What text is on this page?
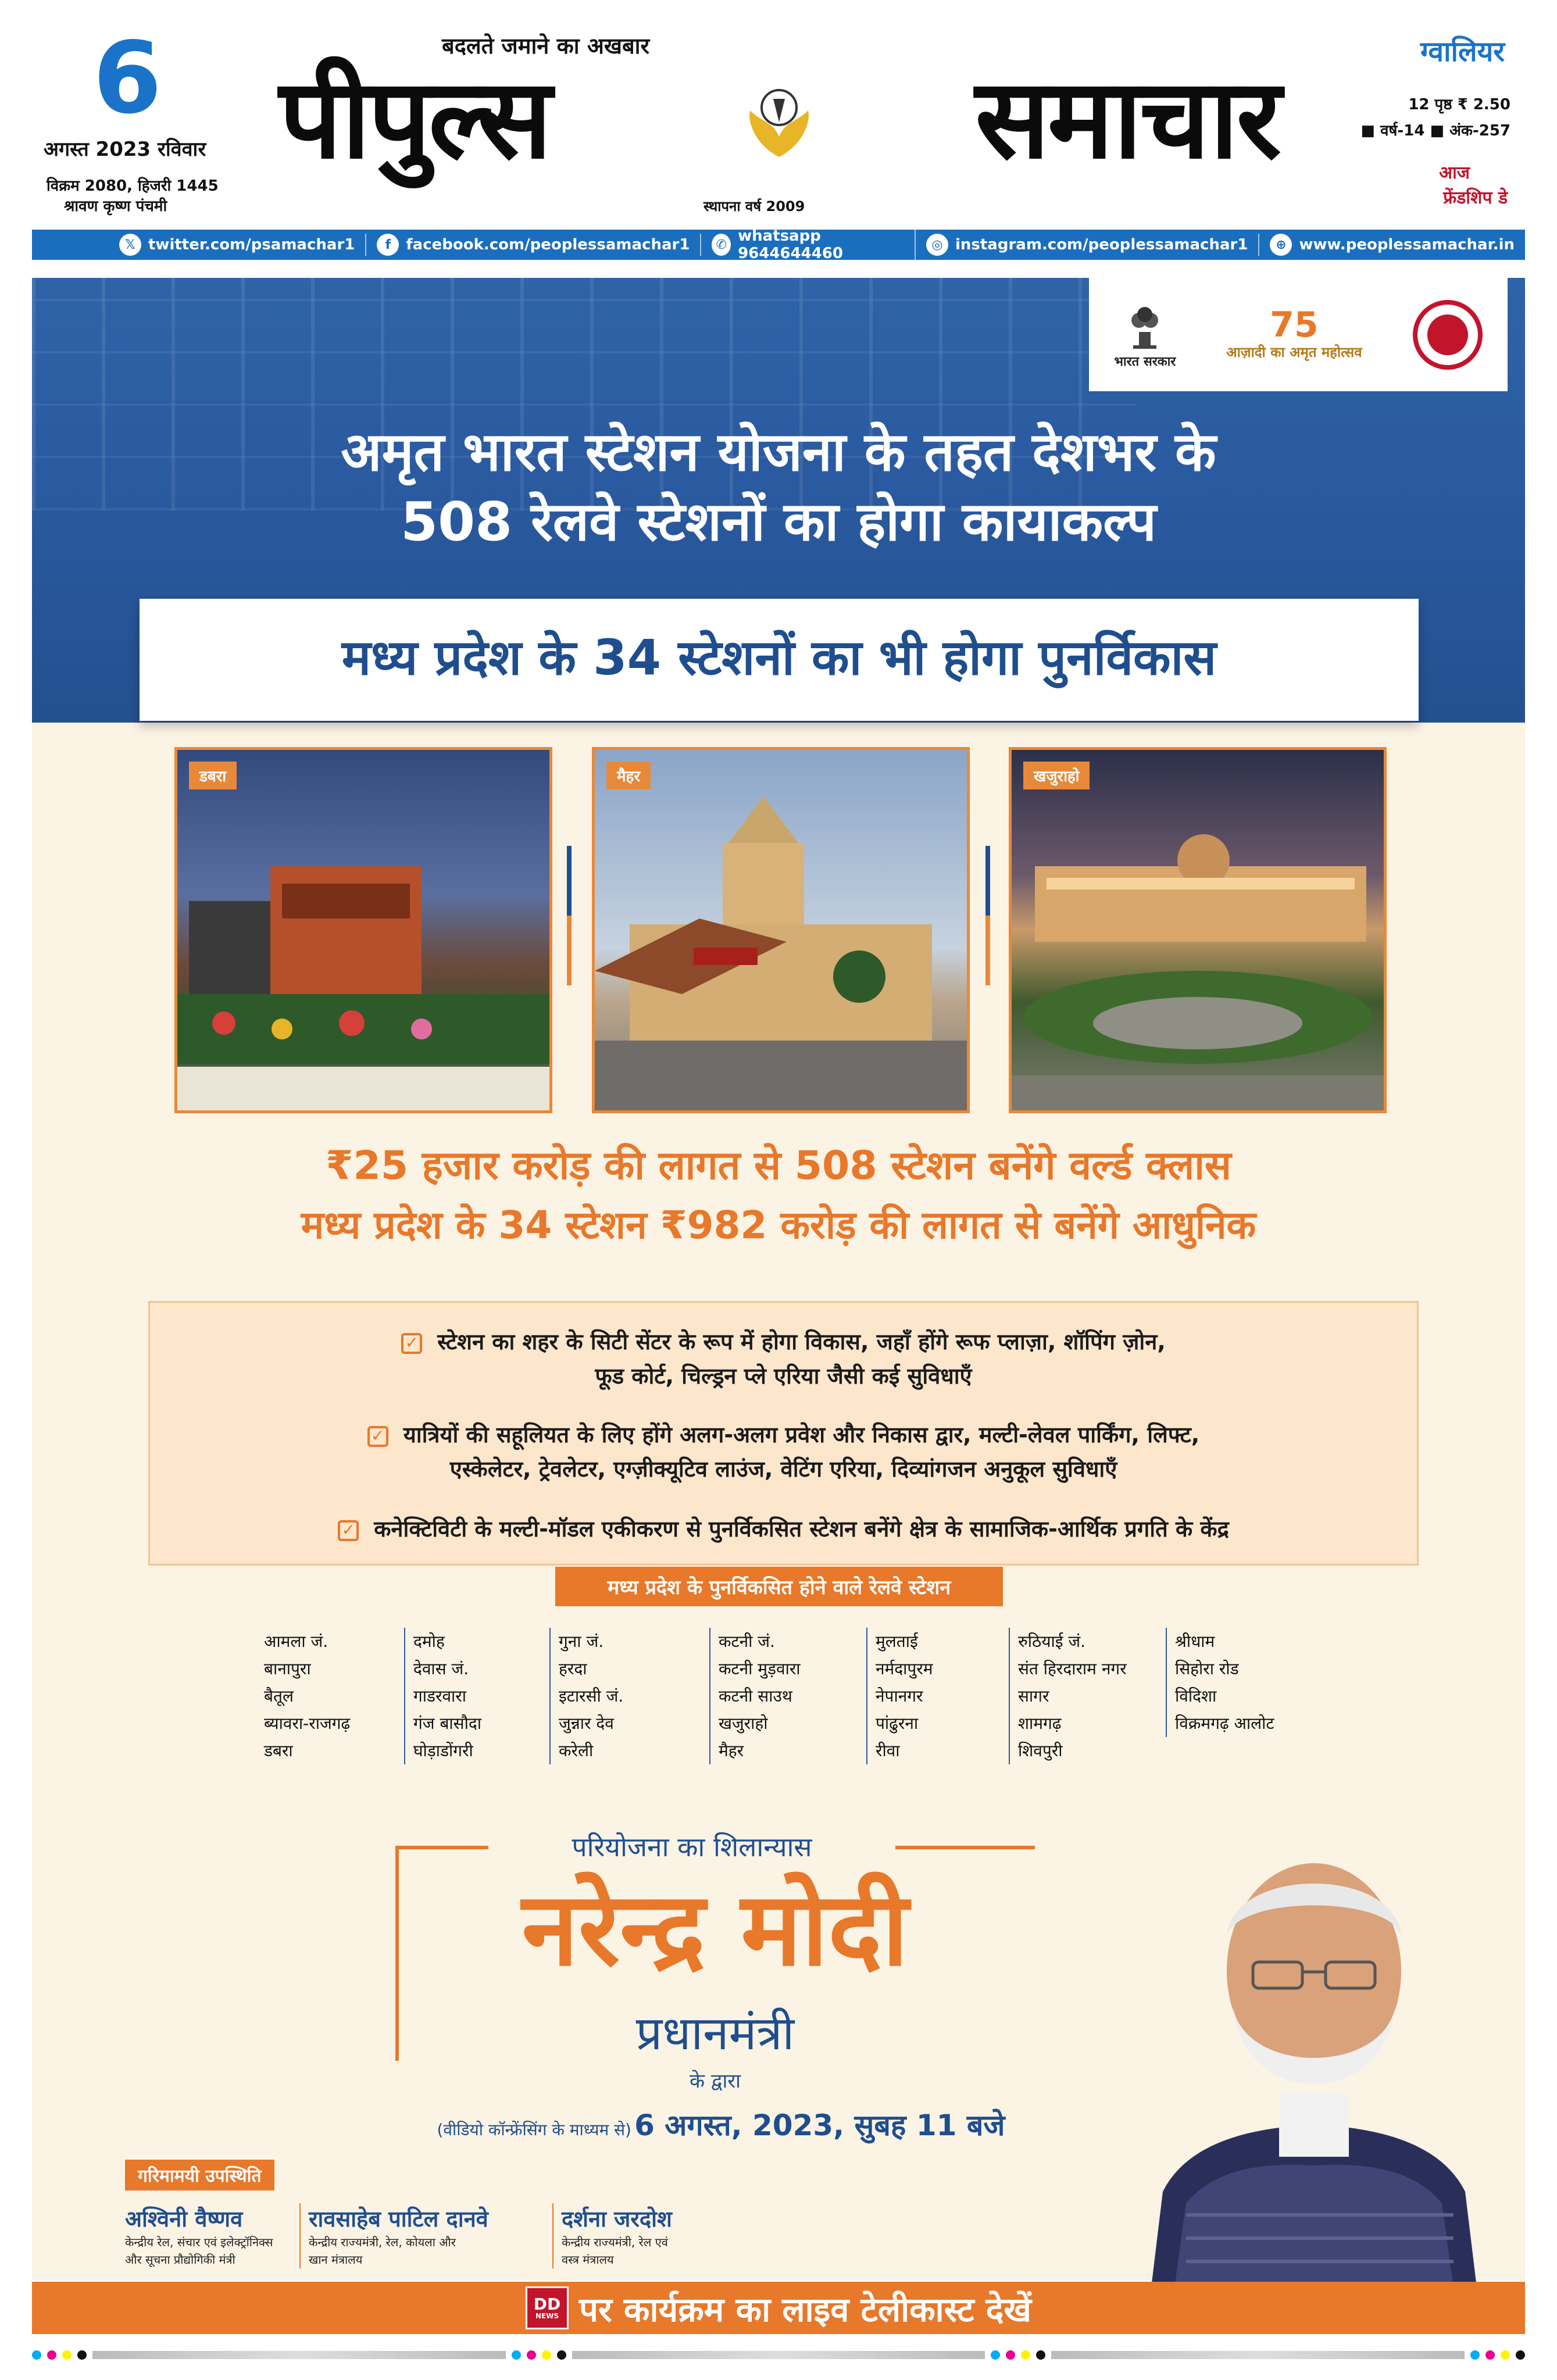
6
अगस्त 2023 रविवार
विक्रम 2080, हिजरी 1445
श्रावण कृष्ण पंचमी
बदलते जमाने का अखबार
पीपुल्स	समाचार
स्थापना वर्ष 2009
ग्वालियर
12 पृष्ठ ₹ 2.50
■ वर्ष-14 ■ अंक-257
आज
फ्रेंडशिप डे
𝕏 twitter.com/psamachar1	f	facebook.com/peoplessamachar1	✆ whatsapp 9644644460	◎ instagram.com/peoplessamachar1	⊕ www.peoplessamachar.in
भारत सरकार
75
आज़ादी का अमृत महोत्सव
अमृत भारत स्टेशन योजना के तहत देशभर के
508 रेलवे स्टेशनों का होगा कायाकल्प
मध्य प्रदेश के 34 स्टेशनों का भी होगा पुनर्विकास
डबरा	मैहर	खजुराहो
₹25 हजार करोड़ की लागत से 508 स्टेशन बनेंगे वर्ल्ड क्लास
मध्य प्रदेश के 34 स्टेशन ₹982 करोड़ की लागत से बनेंगे आधुनिक
✓ स्टेशन का शहर के सिटी सेंटर के रूप में होगा विकास, जहाँ होंगे रूफ प्लाज़ा, शॉपिंग ज़ोन,
फूड कोर्ट, चिल्ड्रन प्ले एरिया जैसी कई सुविधाएँ
✓ यात्रियों की सहूलियत के लिए होंगे अलग-अलग प्रवेश और निकास द्वार, मल्टी-लेवल पार्किंग, लिफ्ट,
एस्केलेटर, ट्रेवलेटर, एग्ज़ीक्यूटिव लाउंज, वेटिंग एरिया, दिव्यांगजन अनुकूल सुविधाएँ
✓ कनेक्टिविटी के मल्टी-मॉडल एकीकरण से पुनर्विकसित स्टेशन बनेंगे क्षेत्र के सामाजिक-आर्थिक प्रगति के केंद्र
मध्य प्रदेश के पुनर्विकसित होने वाले रेलवे स्टेशन
आमला जं.
बानापुरा
बैतूल
ब्यावरा-राजगढ़
डबरा
दमोह
देवास जं.
गाडरवारा
गंज बासौदा
घोड़ाडोंगरी
गुना जं.
हरदा
इटारसी जं.
जुन्नार देव
करेली
कटनी जं.
कटनी मुड़वारा
कटनी साउथ
खजुराहो
मैहर
मुलताई
नर्मदापुरम
नेपानगर
पांढुरना
रीवा
रुठियाई जं.
संत हिरदाराम नगर
सागर
शामगढ़
शिवपुरी
श्रीधाम
सिहोरा रोड
विदिशा
विक्रमगढ़ आलोट
परियोजना का शिलान्यास
नरेन्द्र मोदी
प्रधानमंत्री
के द्वारा
(वीडियो कॉन्फ्रेंसिंग के माध्यम से) 6 अगस्त, 2023, सुबह 11 बजे
गरिमामयी उपस्थिति
अश्विनी वैष्णव
केन्द्रीय रेल, संचार एवं इलेक्ट्रॉनिक्स
और सूचना प्रौद्योगिकी मंत्री
रावसाहेब पाटिल दानवे
केन्द्रीय राज्यमंत्री, रेल, कोयला और
खान मंत्रालय
दर्शना जरदोश
केन्द्रीय राज्यमंत्री, रेल एवं
वस्त्र मंत्रालय
DD
NEWS पर कार्यक्रम का लाइव टेलीकास्ट देखें
